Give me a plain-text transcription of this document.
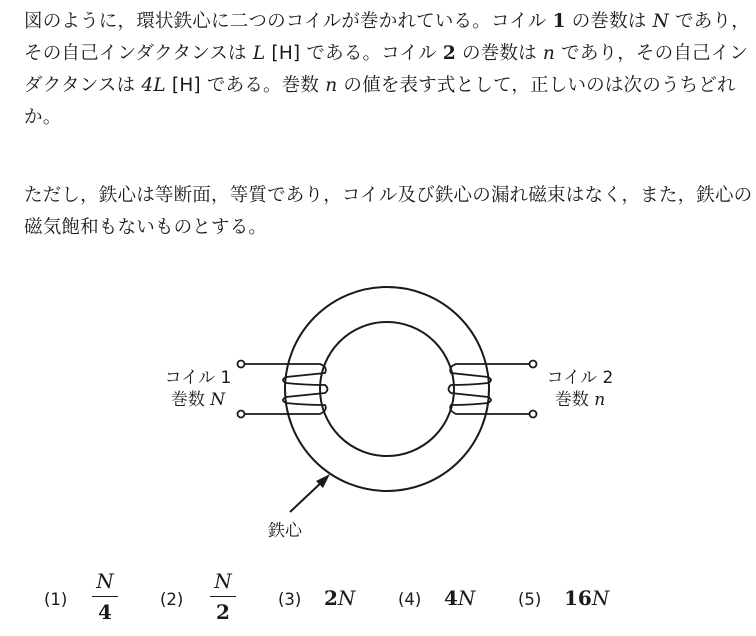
図のように，環状鉄心に二つのコイルが巻かれている。コイル 1 の巻数は N であり，
その自己インダクタンスは L [H] である。コイル 2 の巻数は n であり，その自己イン
ダクタンスは 4L [H] である。巻数 n の値を表す式として，正しいのは次のうちどれ
か。
ただし，鉄心は等断面，等質であり，コイル及び鉄心の漏れ磁束はなく，また，鉄心の
磁気飽和もないものとする。
コイル 1
巻数 N
コイル 2
巻数 n
鉄心
(1)
N
4
(2)
N
2
(3) 2N	(4) 4N	(5) 16N
